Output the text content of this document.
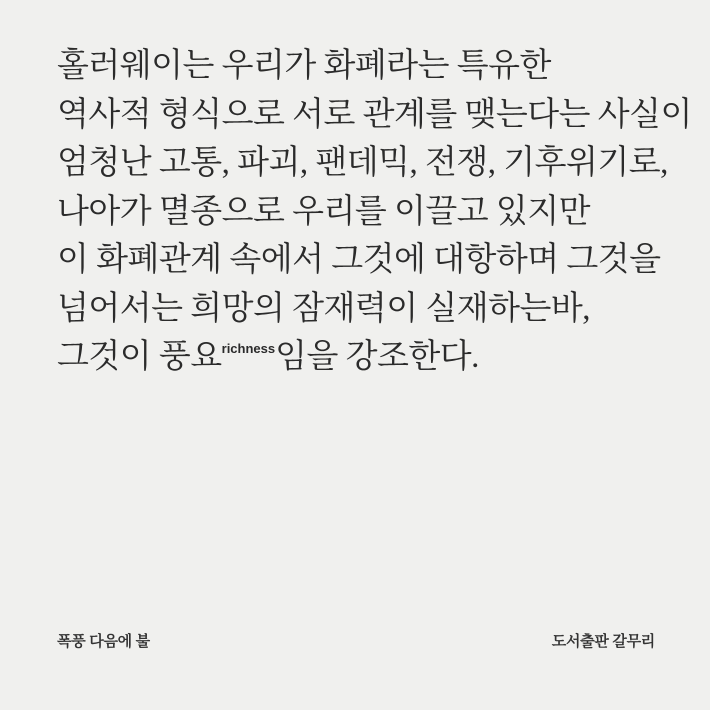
홀러웨이는 우리가 화폐라는 특유한
역사적 형식으로 서로 관계를 맺는다는 사실이
엄청난 고통, 파괴, 팬데믹, 전쟁, 기후위기로,
나아가 멸종으로 우리를 이끌고 있지만
이 화폐관계 속에서 그것에 대항하며 그것을
넘어서는 희망의 잠재력이 실재하는바,
그것이 풍요$^{richness}$임을 강조한다.
폭풍 다음에 불	도서출판 갈무리
